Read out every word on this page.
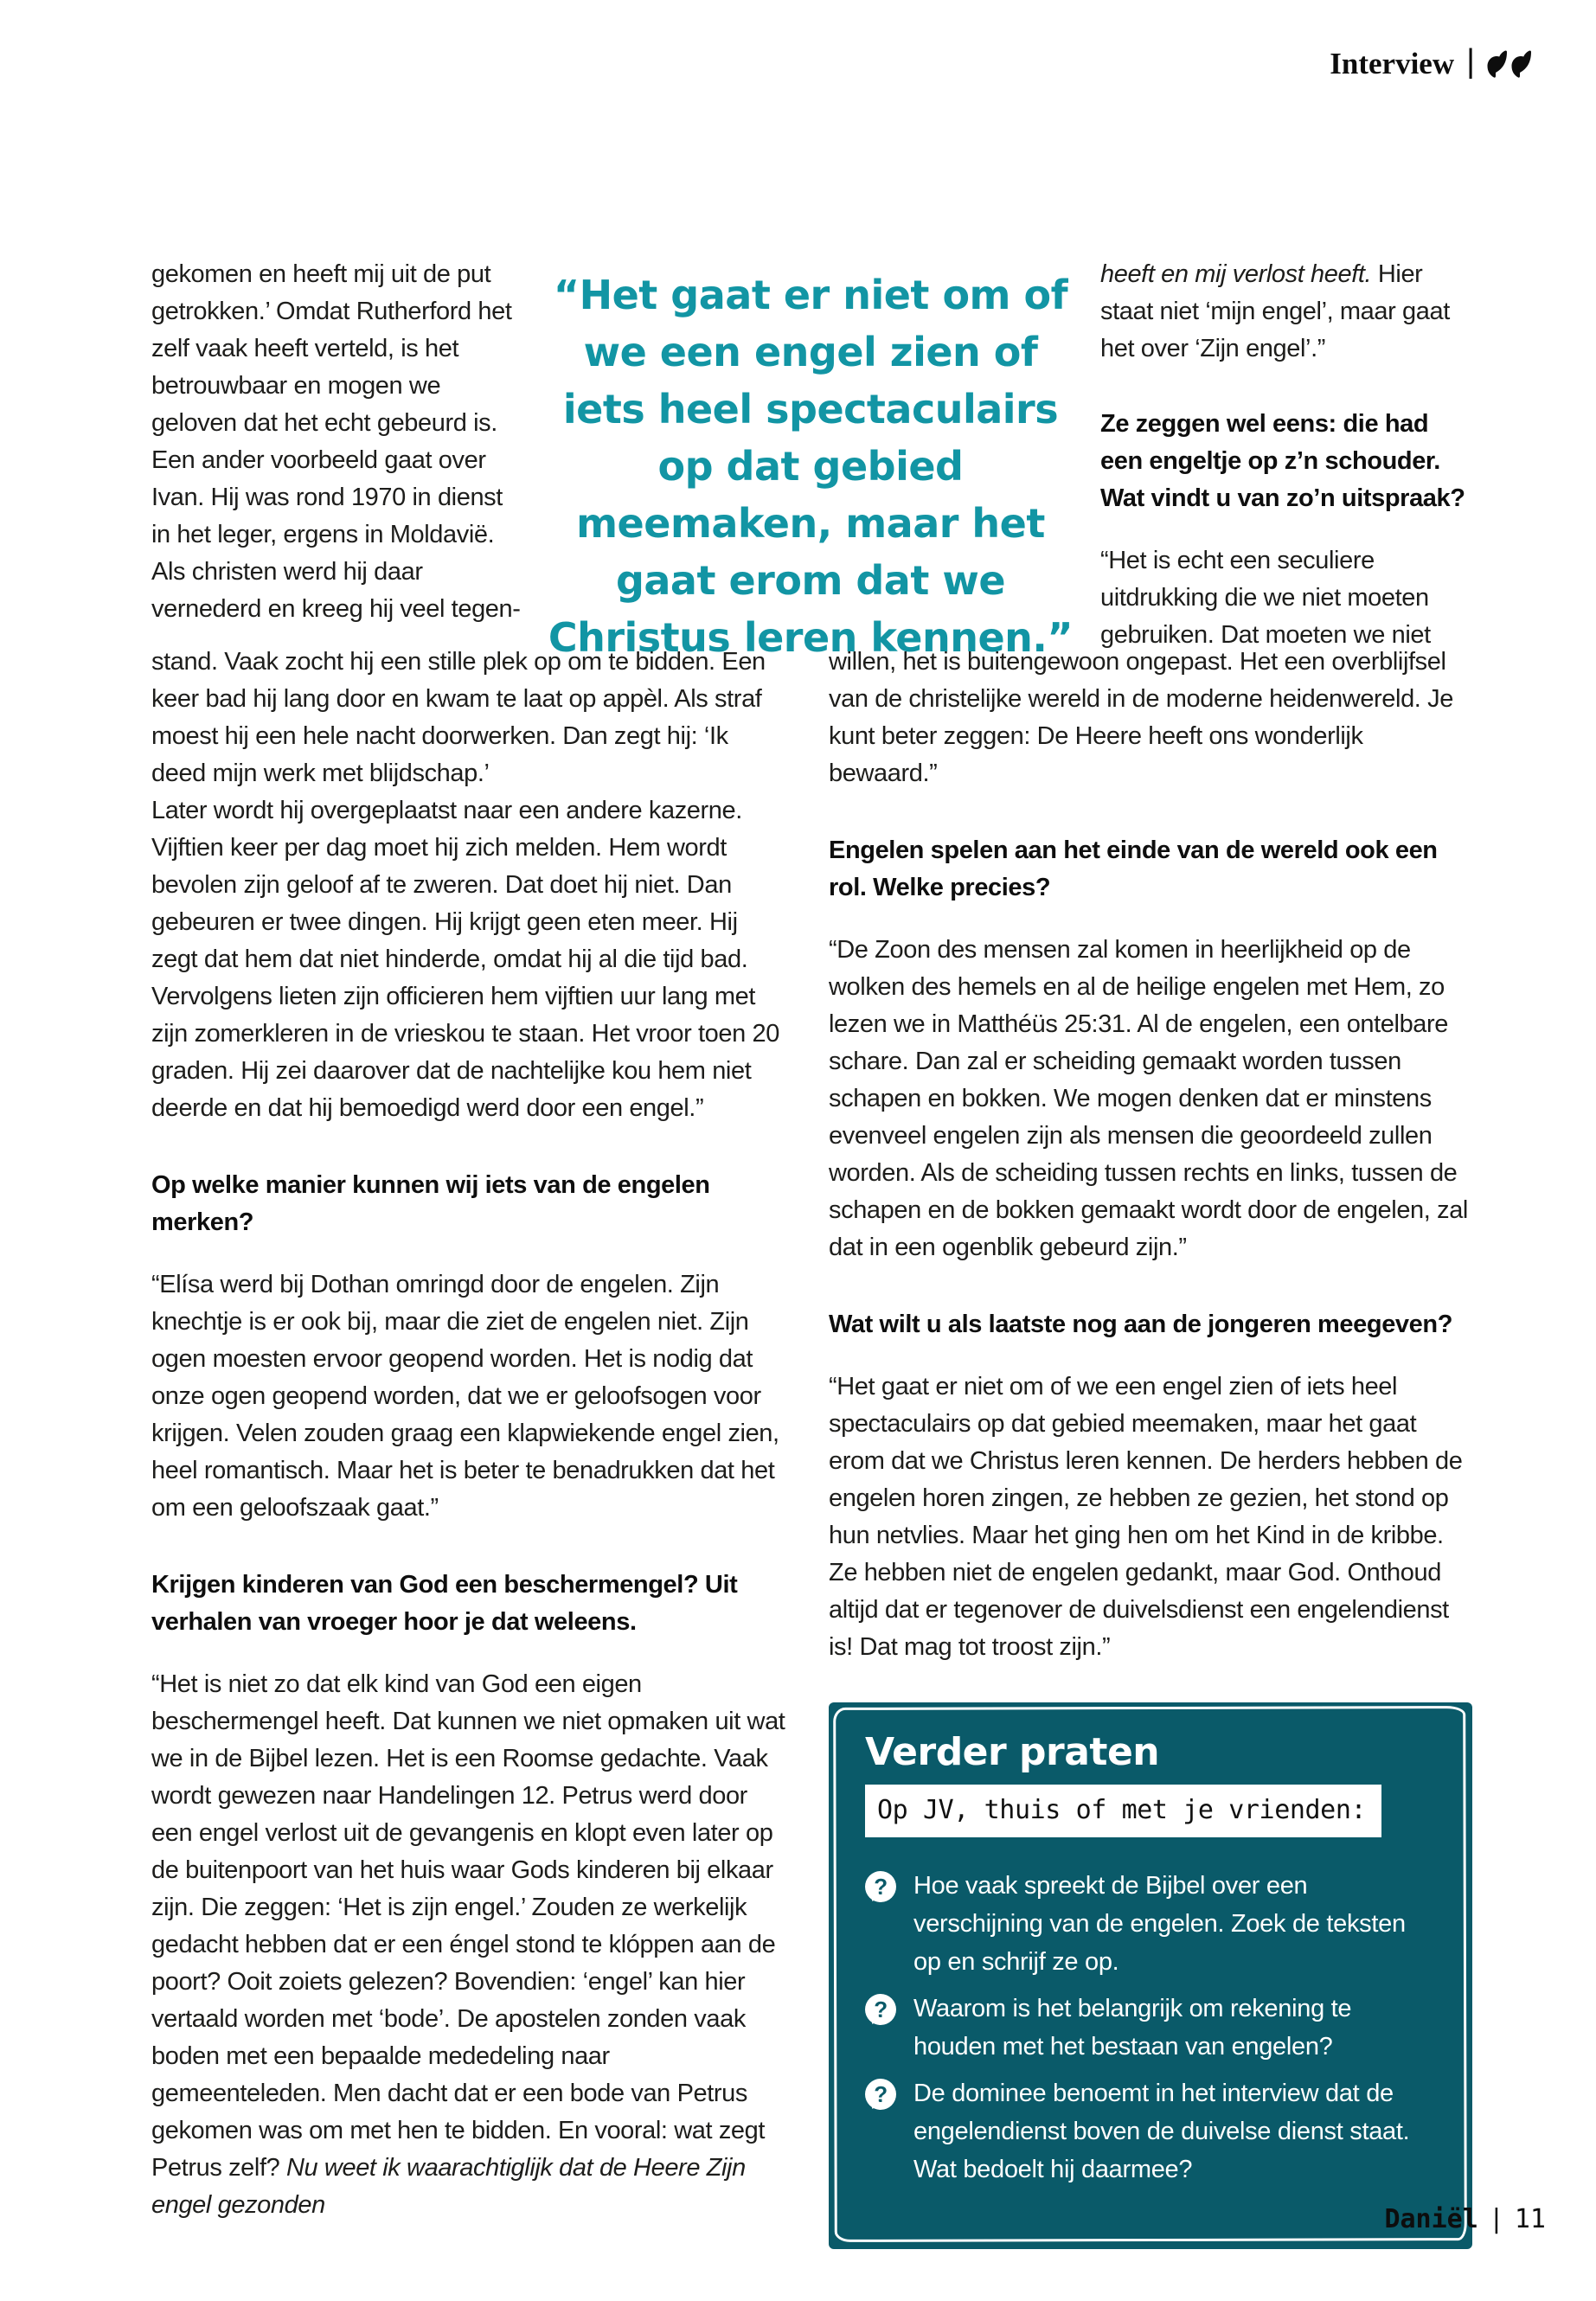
Interview |

gekomen en heeft mij uit de put getrokken.’ Omdat Rutherford het zelf vaak heeft verteld, is het betrouwbaar en mogen we geloven dat het echt gebeurd is. Een ander voorbeeld gaat over Ivan. Hij was rond 1970 in dienst in het leger, ergens in Moldavië. Als christen werd hij daar vernederd en kreeg hij veel tegen-

“Het gaat er niet om of we een engel zien of iets heel spectaculairs op dat gebied meemaken, maar het gaat erom dat we Christus leren kennen.”

heeft en mij verlost heeft. Hier staat niet ‘mijn engel’, maar gaat het over ‘Zijn engel’.”

Ze zeggen wel eens: die had een engeltje op z’n schouder. Wat vindt u van zo’n uitspraak?

“Het is echt een seculiere uitdrukking die we niet moeten gebruiken. Dat moeten we niet

stand. Vaak zocht hij een stille plek op om te bidden. Een keer bad hij lang door en kwam te laat op appèl. Als straf moest hij een hele nacht doorwerken. Dan zegt hij: ‘Ik deed mijn werk met blijdschap.’

Later wordt hij overgeplaatst naar een andere kazerne. Vijftien keer per dag moet hij zich melden. Hem wordt bevolen zijn geloof af te zweren. Dat doet hij niet. Dan gebeuren er twee dingen. Hij krijgt geen eten meer. Hij zegt dat hem dat niet hinderde, omdat hij al die tijd bad. Vervolgens lieten zijn officieren hem vijftien uur lang met zijn zomerkleren in de vrieskou te staan. Het vroor toen 20 graden. Hij zei daarover dat de nachtelijke kou hem niet deerde en dat hij bemoedigd werd door een engel.”

Op welke manier kunnen wij iets van de engelen merken?

“Elísa werd bij Dothan omringd door de engelen. Zijn knechtje is er ook bij, maar die ziet de engelen niet. Zijn ogen moesten ervoor geopend worden. Het is nodig dat onze ogen geopend worden, dat we er geloofsogen voor krijgen. Velen zouden graag een klapwiekende engel zien, heel romantisch. Maar het is beter te benadrukken dat het om een geloofszaak gaat.”

Krijgen kinderen van God een beschermengel? Uit verhalen van vroeger hoor je dat weleens.

“Het is niet zo dat elk kind van God een eigen beschermengel heeft. Dat kunnen we niet opmaken uit wat we in de Bijbel lezen. Het is een Roomse gedachte. Vaak wordt gewezen naar Handelingen 12. Petrus werd door een engel verlost uit de gevangenis en klopt even later op de buitenpoort van het huis waar Gods kinderen bij elkaar zijn. Die zeggen: ‘Het is zijn engel.’ Zouden ze werkelijk gedacht hebben dat er een éngel stond te klóppen aan de poort? Ooit zoiets gelezen? Bovendien: ‘engel’ kan hier vertaald worden met ‘bode’. De apostelen zonden vaak boden met een bepaalde mededeling naar gemeenteleden. Men dacht dat er een bode van Petrus gekomen was om met hen te bidden. En vooral: wat zegt Petrus zelf? Nu weet ik waarachtiglijk dat de Heere Zijn engel gezonden

willen, het is buitengewoon ongepast. Het een overblijfsel van de christelijke wereld in de moderne heidenwereld. Je kunt beter zeggen: De Heere heeft ons wonderlijk bewaard.”

Engelen spelen aan het einde van de wereld ook een rol. Welke precies?

“De Zoon des mensen zal komen in heerlijkheid op de wolken des hemels en al de heilige engelen met Hem, zo lezen we in Matthéüs 25:31. Al de engelen, een ontelbare schare. Dan zal er scheiding gemaakt worden tussen schapen en bokken. We mogen denken dat er minstens evenveel engelen zijn als mensen die geoordeeld zullen worden. Als de scheiding tussen rechts en links, tussen de schapen en de bokken gemaakt wordt door de engelen, zal dat in een ogenblik gebeurd zijn.”

Wat wilt u als laatste nog aan de jongeren meegeven?

“Het gaat er niet om of we een engel zien of iets heel spectaculairs op dat gebied meemaken, maar het gaat erom dat we Christus leren kennen. De herders hebben de engelen horen zingen, ze hebben ze gezien, het stond op hun netvlies. Maar het ging hen om het Kind in de kribbe. Ze hebben niet de engelen gedankt, maar God. Onthoud altijd dat er tegenover de duivelsdienst een engelendienst is! Dat mag tot troost zijn.”

Verder praten
Op JV, thuis of met je vrienden:
?	Hoe vaak spreekt de Bijbel over een verschijning van de engelen. Zoek de teksten op en schrijf ze op.
?	Waarom is het belangrijk om rekening te houden met het bestaan van engelen?
?	De dominee benoemt in het interview dat de engelendienst boven de duivelse dienst staat. Wat bedoelt hij daarmee?
Daniël | 11
